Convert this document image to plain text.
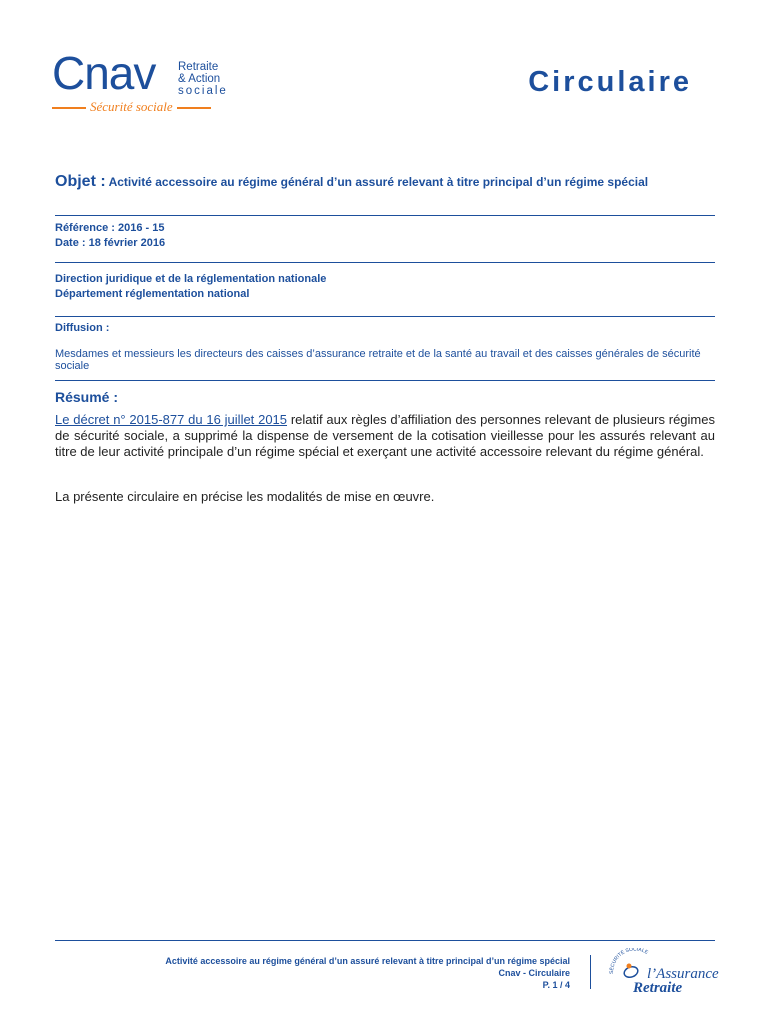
Cnav Retraite
& Action
sociale
Sécurité sociale
Circulaire
Objet : Activité accessoire au régime général d’un assuré relevant à titre principal d’un régime spécial
Référence : 2016 - 15
Date : 18 février 2016
Direction juridique et de la réglementation nationale
Département réglementation national
Diffusion :
Mesdames et messieurs les directeurs des caisses d’assurance retraite et de la santé au travail et des caisses générales de sécurité sociale
Résumé :
Le décret n° 2015-877 du 16 juillet 2015 relatif aux règles d’affiliation des personnes relevant de plusieurs régimes de sécurité sociale, a supprimé la dispense de versement de la cotisation vieillesse pour les assurés relevant au titre de leur activité principale d’un régime spécial et exerçant une activité accessoire relevant du régime général.
La présente circulaire en précise les modalités de mise en œuvre.
Activité accessoire au régime général d’un assuré relevant à titre principal d’un régime spécial
Cnav - Circulaire
P. 1 / 4
SÉCURITÉ SOCIALE
l’Assurance
Retraite
